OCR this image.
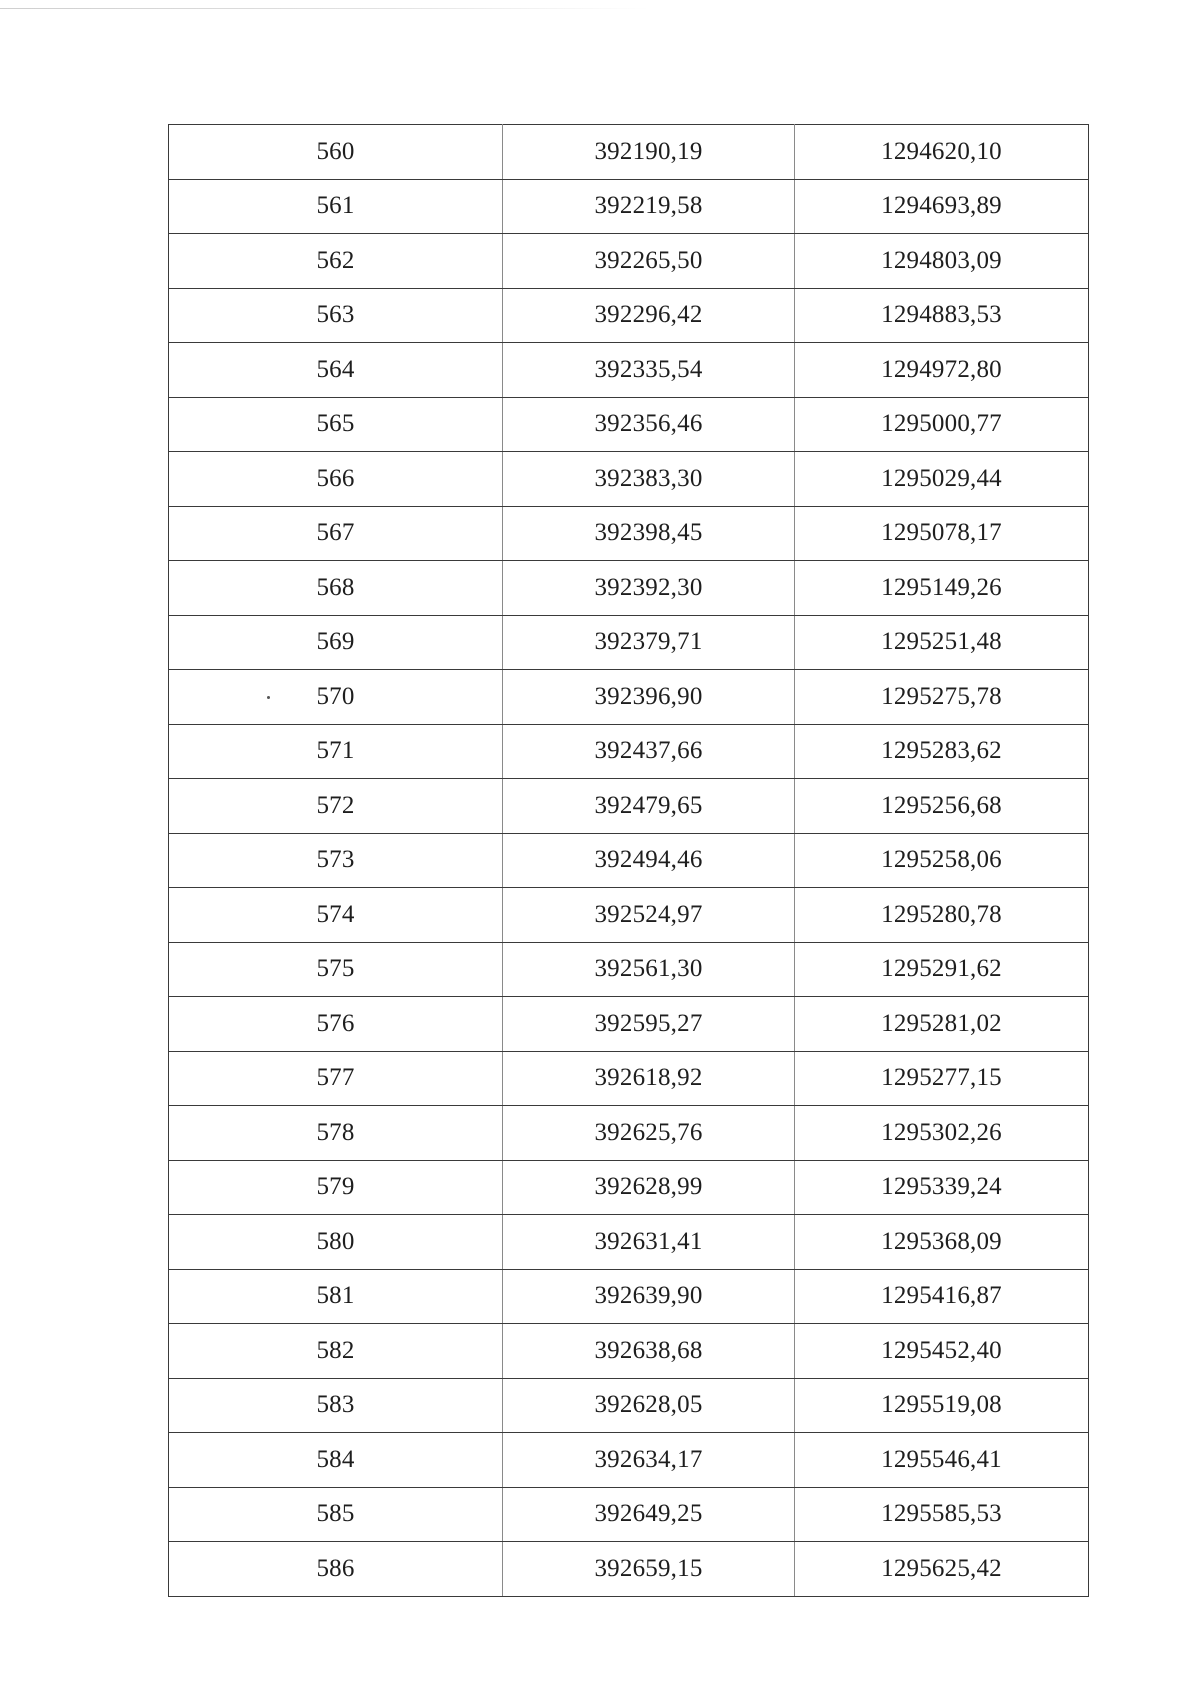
560	392190,19	1294620,10
561	392219,58	1294693,89
562	392265,50	1294803,09
563	392296,42	1294883,53
564	392335,54	1294972,80
565	392356,46	1295000,77
566	392383,30	1295029,44
567	392398,45	1295078,17
568	392392,30	1295149,26
569	392379,71	1295251,48
570	392396,90	1295275,78
571	392437,66	1295283,62
572	392479,65	1295256,68
573	392494,46	1295258,06
574	392524,97	1295280,78
575	392561,30	1295291,62
576	392595,27	1295281,02
577	392618,92	1295277,15
578	392625,76	1295302,26
579	392628,99	1295339,24
580	392631,41	1295368,09
581	392639,90	1295416,87
582	392638,68	1295452,40
583	392628,05	1295519,08
584	392634,17	1295546,41
585	392649,25	1295585,53
586	392659,15	1295625,42
